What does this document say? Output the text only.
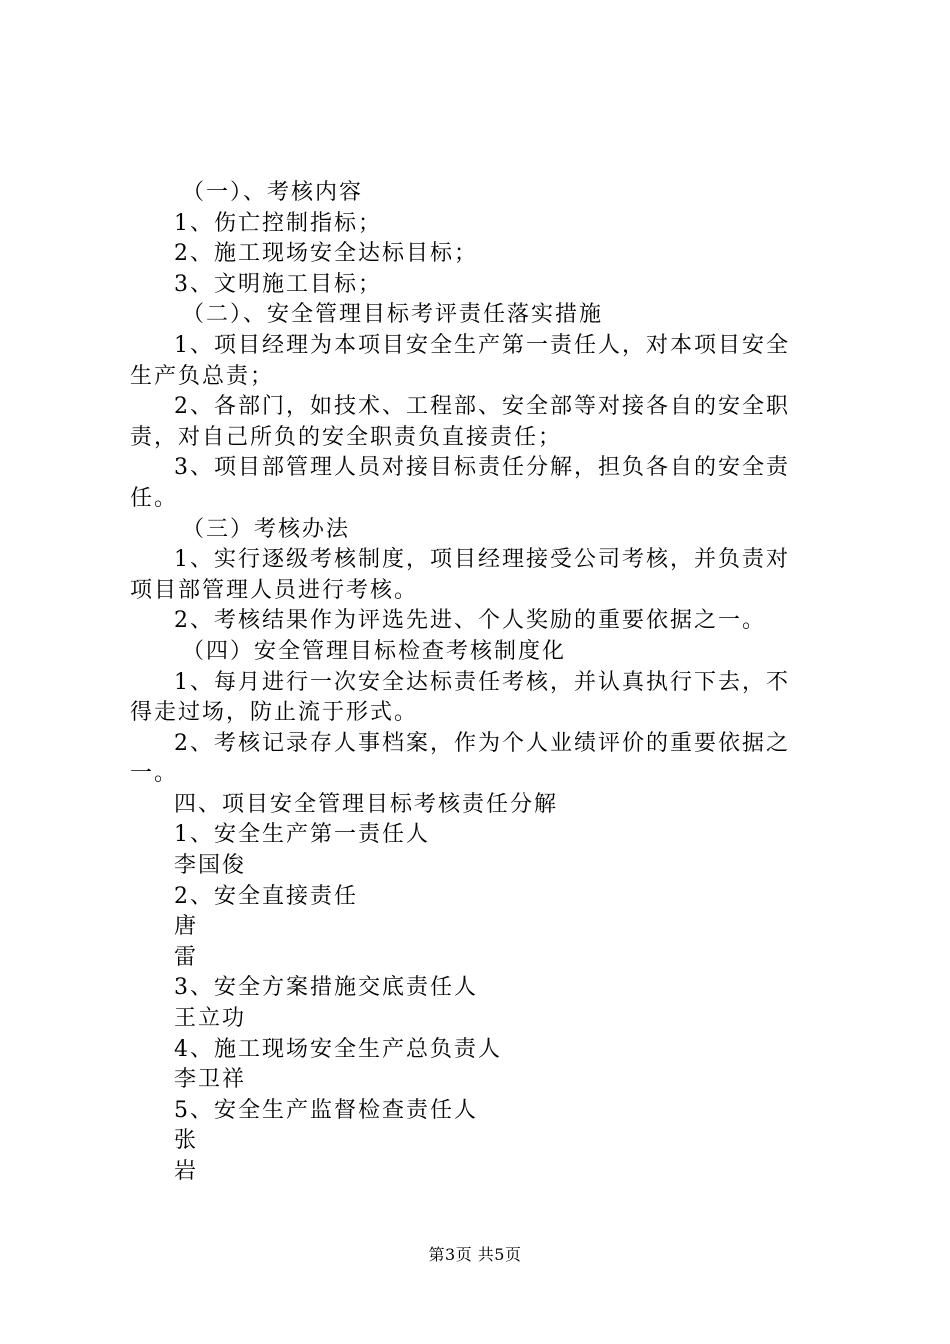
（一）、考核内容
1、伤亡控制指标；
2、施工现场安全达标目标；
3、文明施工目标；
（二）、安全管理目标考评责任落实措施
1、项目经理为本项目安全生产第一责任人，对本项目安全
生产负总责；
2、各部门，如技术、工程部、安全部等对接各自的安全职
责，对自己所负的安全职责负直接责任；
3、项目部管理人员对接目标责任分解，担负各自的安全责
任。
（三）考核办法
1、实行逐级考核制度，项目经理接受公司考核，并负责对
项目部管理人员进行考核。
2、考核结果作为评选先进、个人奖励的重要依据之一。
（四）安全管理目标检查考核制度化
1、每月进行一次安全达标责任考核，并认真执行下去，不
得走过场，防止流于形式。
2、考核记录存人事档案，作为个人业绩评价的重要依据之
一。
四、项目安全管理目标考核责任分解
1、安全生产第一责任人
李国俊
2、安全直接责任
唐
雷
3、安全方案措施交底责任人
王立功
4、施工现场安全生产总负责人
李卫祥
5、安全生产监督检查责任人
张
岩
第3页 共5页
